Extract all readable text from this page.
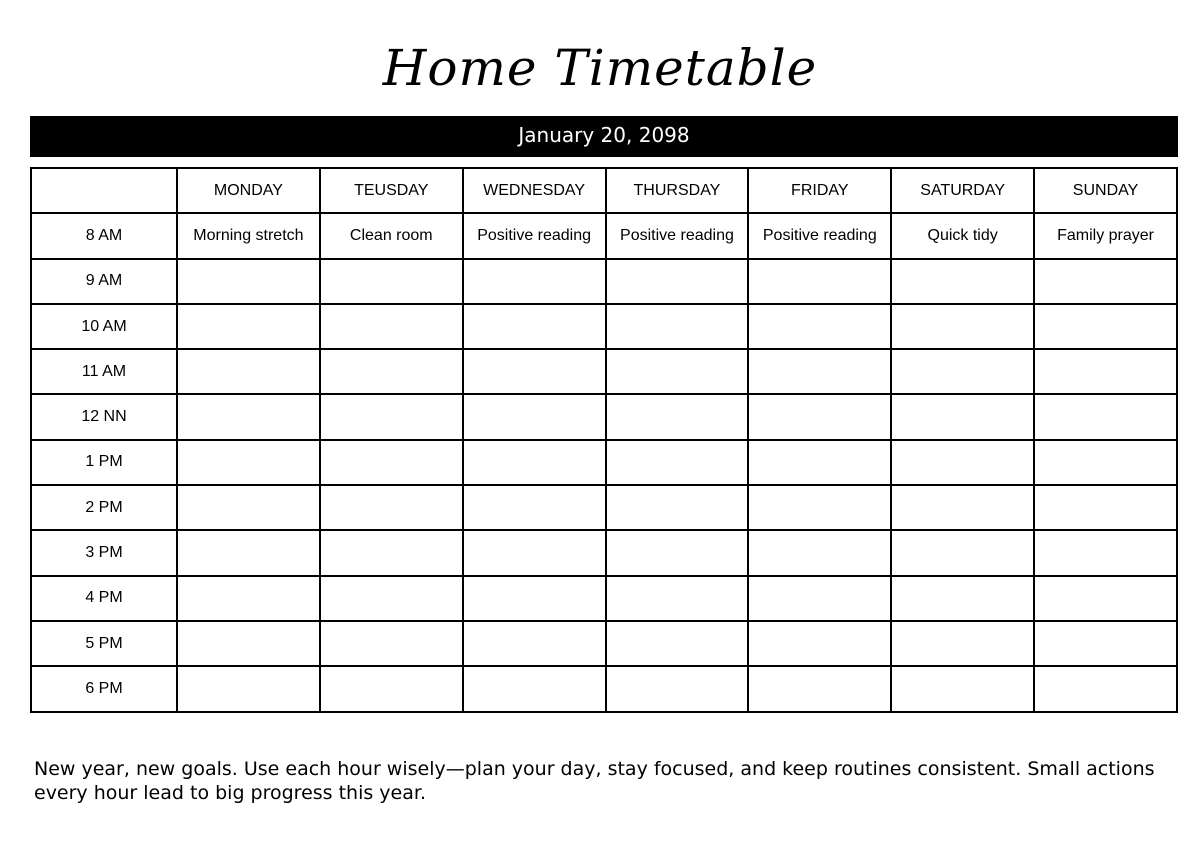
Home Timetable
January 20, 2098
	MONDAY	TEUSDAY	WEDNESDAY	THURSDAY	FRIDAY	SATURDAY	SUNDAY
8 AM	Morning stretch	Clean room	Positive reading	Positive reading	Positive reading	Quick tidy	Family prayer
9 AM							
10 AM							
11 AM							
12 NN							
1 PM							
2 PM							
3 PM							
4 PM							
5 PM							
6 PM							
New year, new goals. Use each hour wisely—plan your day, stay focused, and keep routines consistent. Small actions every hour lead to big progress this year.
